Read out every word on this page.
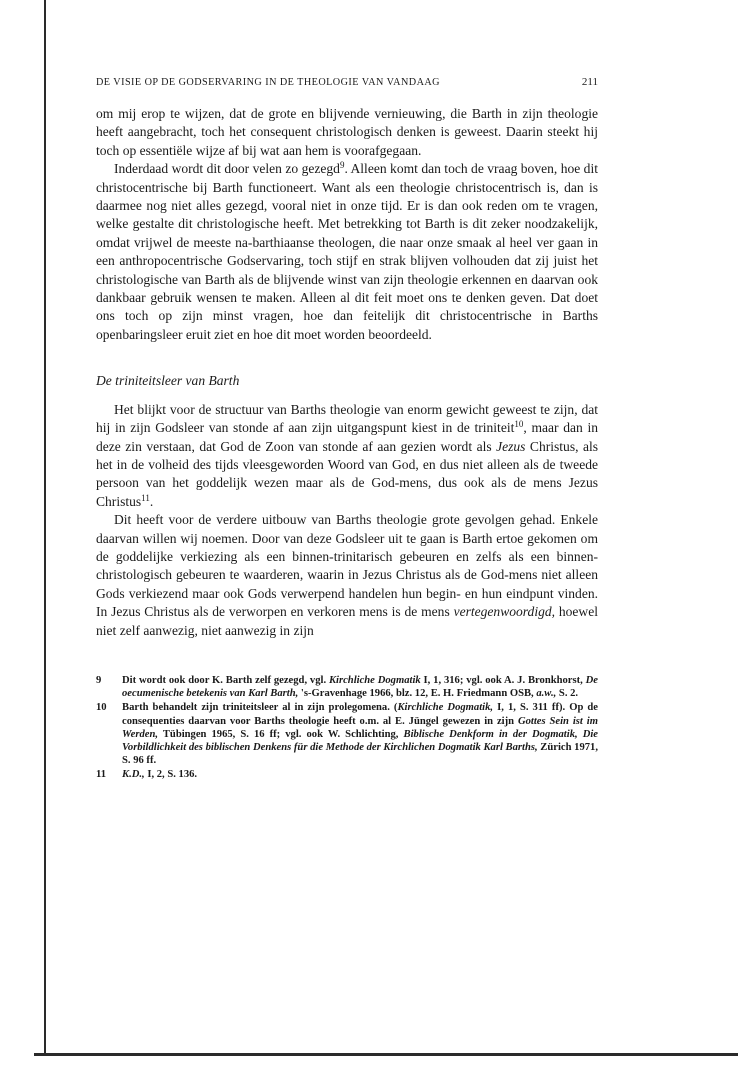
DE VISIE OP DE GODSERVARING IN DE THEOLOGIE VAN VANDAAG	211

om mij erop te wijzen, dat de grote en blijvende vernieuwing, die Barth in zijn theologie heeft aangebracht, toch het consequent christologisch denken is geweest. Daarin steekt hij toch op essentiële wijze af bij wat aan hem is voorafgegaan.

Inderdaad wordt dit door velen zo gezegd$^9$. Alleen komt dan toch de vraag boven, hoe dit christocentrische bij Barth functioneert. Want als een theologie christocentrisch is, dan is daarmee nog niet alles gezegd, vooral niet in onze tijd. Er is dan ook reden om te vragen, welke gestalte dit christologische heeft. Met betrekking tot Barth is dit zeker noodzakelijk, omdat vrijwel de meeste na-barthiaanse theologen, die naar onze smaak al heel ver gaan in een anthropocentrische Godservaring, toch stijf en strak blijven volhouden dat zij juist het christologische van Barth als de blijvende winst van zijn theologie erkennen en daarvan ook dankbaar gebruik wensen te maken. Alleen al dit feit moet ons te denken geven. Dat doet ons toch op zijn minst vragen, hoe dan feitelijk dit christocentrische in Barths openbaringsleer eruit ziet en hoe dit moet worden beoordeeld.

De triniteitsleer van Barth

Het blijkt voor de structuur van Barths theologie van enorm gewicht geweest te zijn, dat hij in zijn Godsleer van stonde af aan zijn uitgangspunt kiest in de triniteit$^{10}$, maar dan in deze zin verstaan, dat God de Zoon van stonde af aan gezien wordt als Jezus Christus, als het in de volheid des tijds vleesgeworden Woord van God, en dus niet alleen als de tweede persoon van het goddelijk wezen maar als de God-mens, dus ook als de mens Jezus Christus$^{11}$.

Dit heeft voor de verdere uitbouw van Barths theologie grote gevolgen gehad. Enkele daarvan willen wij noemen. Door van deze Godsleer uit te gaan is Barth ertoe gekomen om de goddelijke verkiezing als een binnen-trinitarisch gebeuren en zelfs als een binnen-christologisch gebeuren te waarderen, waarin in Jezus Christus als de God-mens niet alleen Gods verkiezend maar ook Gods verwerpend handelen hun begin- en hun eindpunt vinden. In Jezus Christus als de verworpen en verkoren mens is de mens vertegenwoordigd, hoewel niet zelf aanwezig, niet aanwezig in zijn

9	Dit wordt ook door K. Barth zelf gezegd, vgl. Kirchliche Dogmatik I, 1, 316; vgl. ook A. J. Bronkhorst, De oecumenische betekenis van Karl Barth, 's-Gravenhage 1966, blz. 12, E. H. Friedmann OSB, a.w., S. 2.
10	Barth behandelt zijn triniteitsleer al in zijn prolegomena. (Kirchliche Dogmatik, I, 1, S. 311 ff). Op de consequenties daarvan voor Barths theologie heeft o.m. al E. Jüngel gewezen in zijn Gottes Sein ist im Werden, Tübingen 1965, S. 16 ff; vgl. ook W. Schlichting, Biblische Denkform in der Dogmatik, Die Vorbildlichkeit des biblischen Denkens für die Methode der Kirchlichen Dogmatik Karl Barths, Zürich 1971, S. 96 ff.
11	K.D., I, 2, S. 136.
